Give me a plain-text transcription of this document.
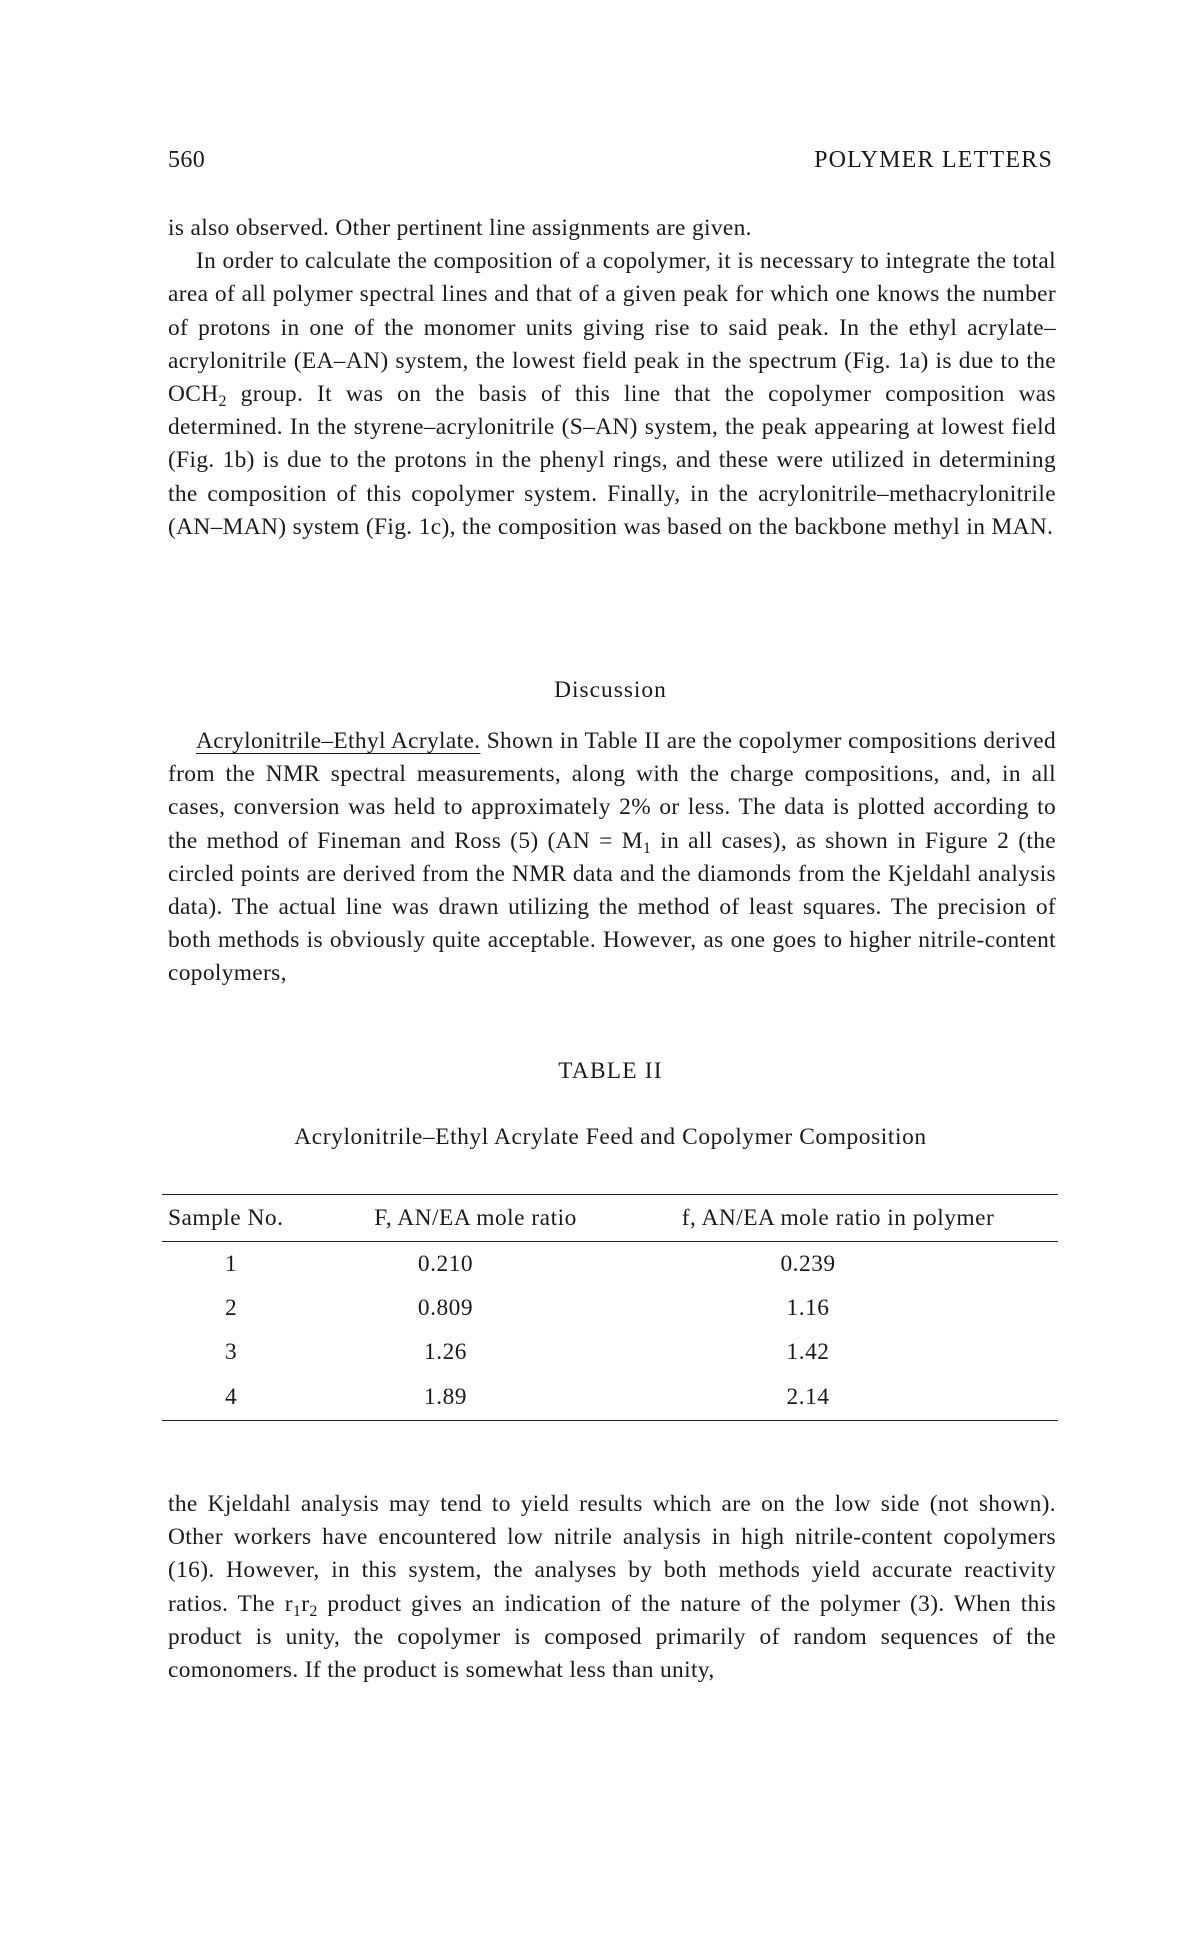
560	POLYMER LETTERS

is also observed. Other pertinent line assignments are given.

In order to calculate the composition of a copolymer, it is necessary to integrate the total area of all polymer spectral lines and that of a given peak for which one knows the number of protons in one of the monomer units giving rise to said peak. In the ethyl acrylate–acrylonitrile (EA–AN) system, the lowest field peak in the spectrum (Fig. 1a) is due to the $OCH_2$ group. It was on the basis of this line that the copolymer composition was determined. In the styrene–acrylonitrile (S–AN) system, the peak appearing at lowest field (Fig. 1b) is due to the protons in the phenyl rings, and these were utilized in determining the composition of this copolymer system. Finally, in the acrylonitrile–methacrylonitrile (AN–MAN) system (Fig. 1c), the composition was based on the backbone methyl in MAN.

Discussion

Acrylonitrile–Ethyl Acrylate. Shown in Table II are the copolymer compositions derived from the NMR spectral measurements, along with the charge compositions, and, in all cases, conversion was held to approximately 2% or less. The data is plotted according to the method of Fineman and Ross (5) ($AN = M_1$ in all cases), as shown in Figure 2 (the circled points are derived from the NMR data and the diamonds from the Kjeldahl analysis data). The actual line was drawn utilizing the method of least squares. The precision of both methods is obviously quite acceptable. However, as one goes to higher nitrile-content copolymers,

TABLE II
Acrylonitrile–Ethyl Acrylate Feed and Copolymer Composition
Sample No.	F, AN/EA mole ratio	f, AN/EA mole ratio in polymer
1	0.210	0.239
2	0.809	1.16
3	1.26	1.42
4	1.89	2.14

the Kjeldahl analysis may tend to yield results which are on the low side (not shown). Other workers have encountered low nitrile analysis in high nitrile-content copolymers (16). However, in this system, the analyses by both methods yield accurate reactivity ratios. The $r_1r_2$ product gives an indication of the nature of the polymer (3). When this product is unity, the copolymer is composed primarily of random sequences of the comonomers. If the product is somewhat less than unity,
